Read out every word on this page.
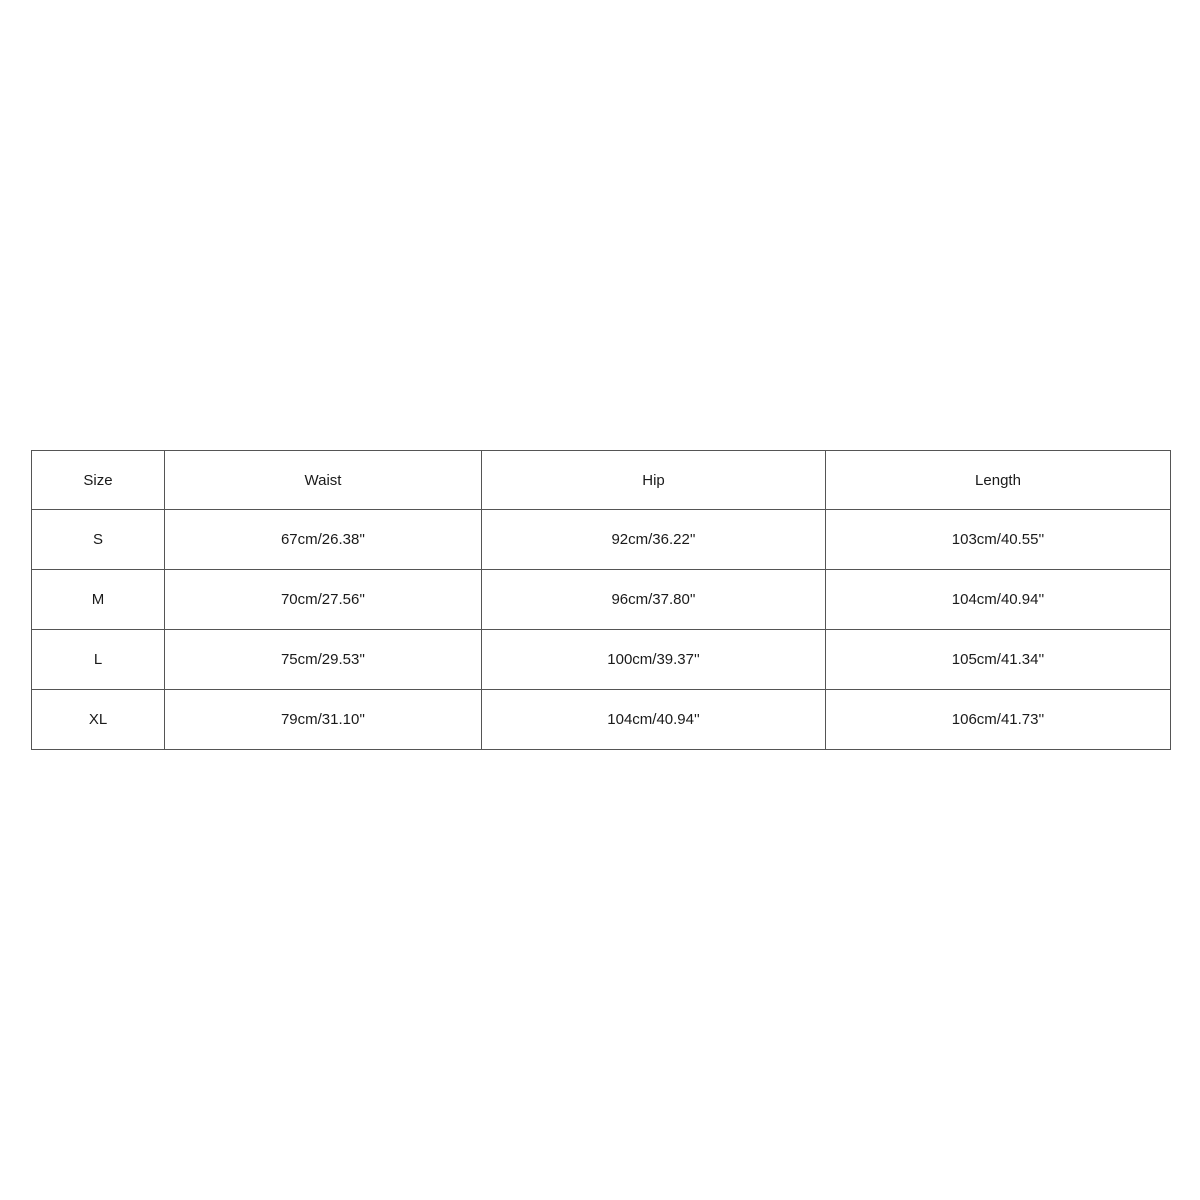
Size	Waist	Hip	Length
S	67cm/26.38''	92cm/36.22''	103cm/40.55''
M	70cm/27.56''	96cm/37.80''	104cm/40.94''
L	75cm/29.53''	100cm/39.37''	105cm/41.34''
XL	79cm/31.10''	104cm/40.94''	106cm/41.73''
